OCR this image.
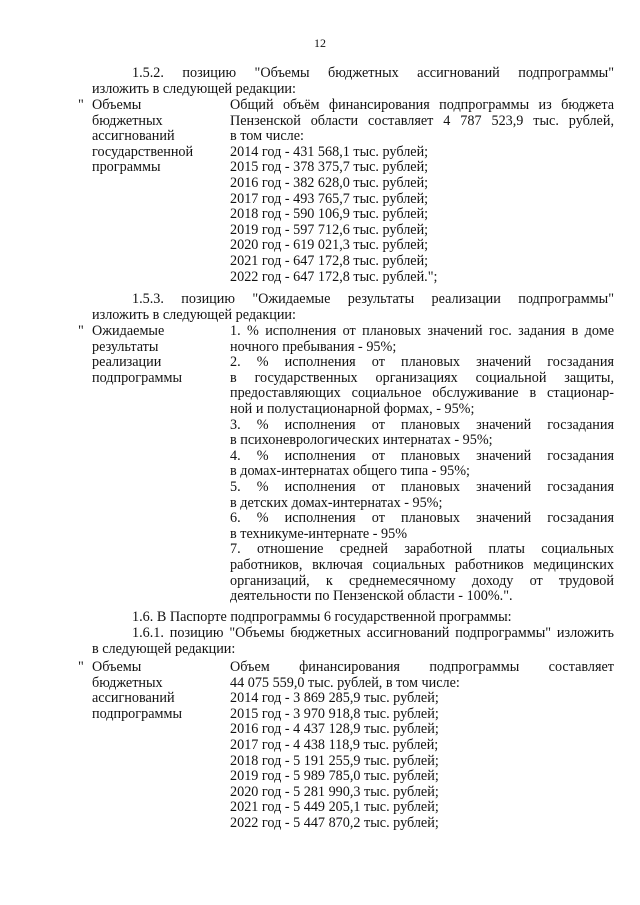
12
1.5.2. позицию "Объемы бюджетных ассигнований подпрограммы"
изложить в следующей редакции:
" Объемы
бюджетных
ассигнований
государственной
программы
Общий объём финансирования подпрограммы из бюджета
Пензенской области составляет 4 787 523,9 тыс. рублей,
в том числе:
2014 год - 431 568,1 тыс. рублей;
2015 год - 378 375,7 тыс. рублей;
2016 год - 382 628,0 тыс. рублей;
2017 год - 493 765,7 тыс. рублей;
2018 год - 590 106,9 тыс. рублей;
2019 год - 597 712,6 тыс. рублей;
2020 год - 619 021,3 тыс. рублей;
2021 год - 647 172,8 тыс. рублей;
2022 год - 647 172,8 тыс. рублей.";
1.5.3. позицию "Ожидаемые результаты реализации подпрограммы"
изложить в следующей редакции:
" Ожидаемые
результаты
реализации
подпрограммы
1. % исполнения от плановых значений гос. задания в доме
ночного пребывания - 95%;
2. % исполнения от плановых значений госзадания
в государственных организациях социальной защиты,
предоставляющих социальное обслуживание в стационар-
ной и полустационарной формах, - 95%;
3. % исполнения от плановых значений госзадания
в психоневрологических интернатах - 95%;
4. % исполнения от плановых значений госзадания
в домах-интернатах общего типа - 95%;
5. % исполнения от плановых значений госзадания
в детских домах-интернатах - 95%;
6. % исполнения от плановых значений госзадания
в техникуме-интернате - 95%
7. отношение средней заработной платы социальных
работников, включая социальных работников медицинских
организаций, к среднемесячному доходу от трудовой
деятельности по Пензенской области - 100%.".
1.6. В Паспорте подпрограммы 6 государственной программы:
1.6.1. позицию "Объемы бюджетных ассигнований подпрограммы" изложить
в следующей редакции:
" Объемы
бюджетных
ассигнований
подпрограммы
Объем финансирования подпрограммы составляет
44 075 559,0 тыс. рублей, в том числе:
2014 год - 3 869 285,9 тыс. рублей;
2015 год - 3 970 918,8 тыс. рублей;
2016 год - 4 437 128,9 тыс. рублей;
2017 год - 4 438 118,9 тыс. рублей;
2018 год - 5 191 255,9 тыс. рублей;
2019 год - 5 989 785,0 тыс. рублей;
2020 год - 5 281 990,3 тыс. рублей;
2021 год - 5 449 205,1 тыс. рублей;
2022 год - 5 447 870,2 тыс. рублей;
